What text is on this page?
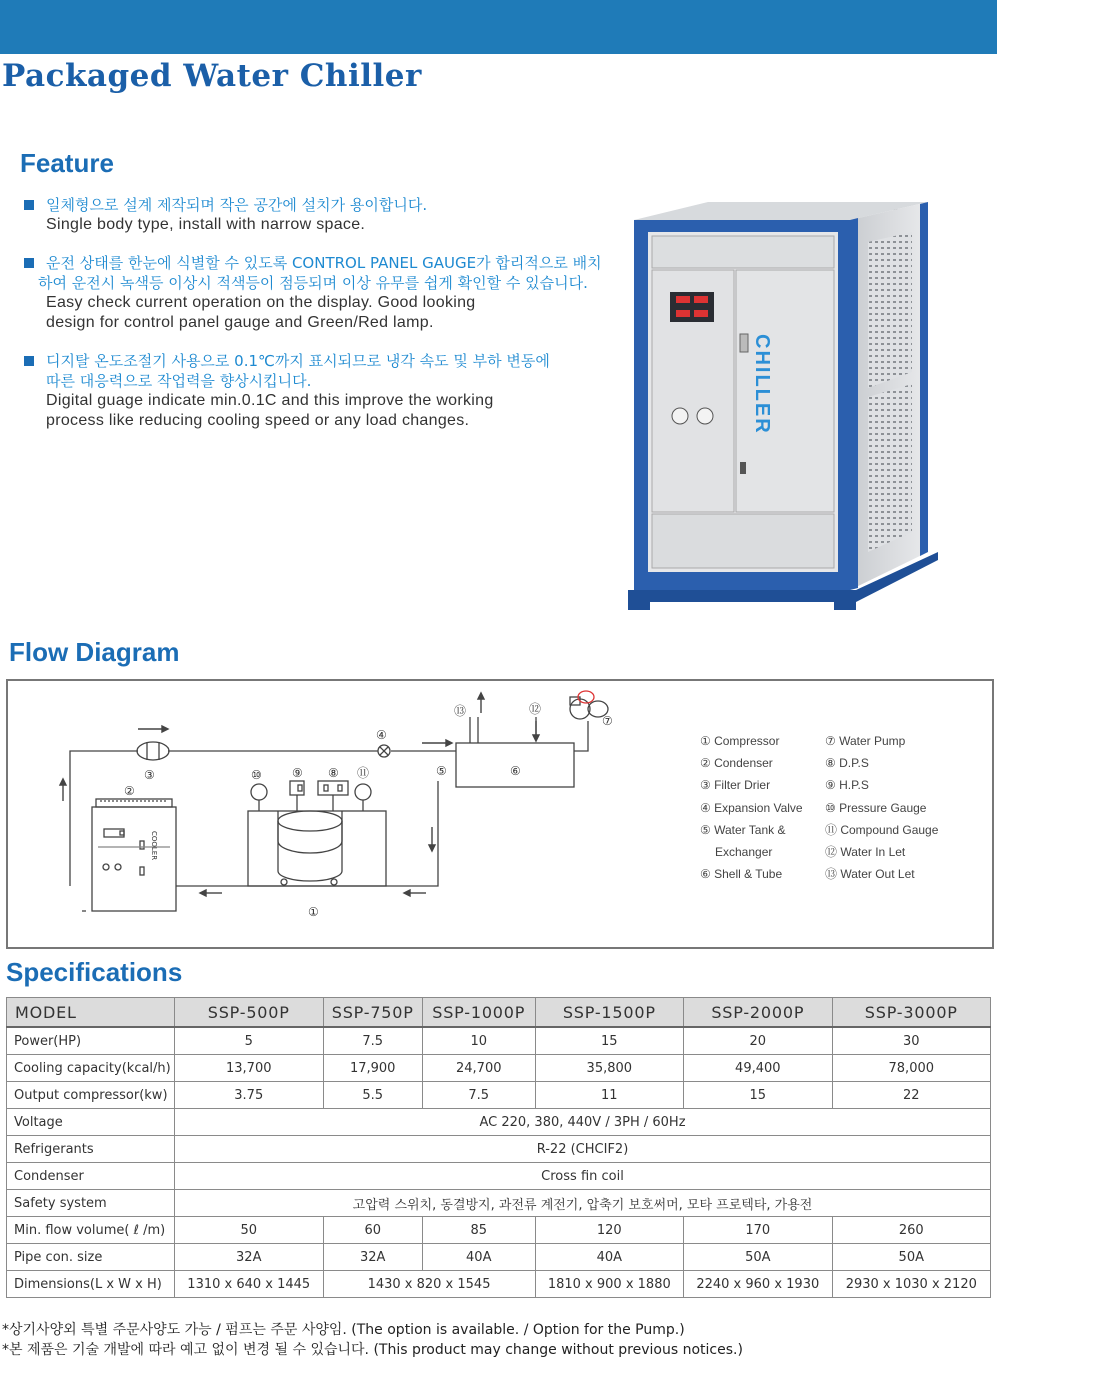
Packaged Water Chiller
Feature
일체형으로 설계 제작되며 작은 공간에 설치가 용이합니다.
Single body type, install with narrow space.
운전 상태를 한눈에 식별할 수 있도록 CONTROL PANEL GAUGE가 합리적으로 배치
하여 운전시 녹색등 이상시 적색등이 점등되며 이상 유무를 쉽게 확인할 수 있습니다.
Easy check current operation on the display. Good looking
design for control panel gauge and Green/Red lamp.
디지탈 온도조절기 사용으로 0.1℃까지 표시되므로 냉각 속도 및 부하 변동에
따른 대응력으로 작업력을 향상시킵니다.
Digital guage indicate min.0.1C and this improve the working
process like reducing cooling speed or any load changes.	CHILLER
Flow Diagram
①
②
③
④
⑤	⑥
⑦
⑧
⑨
⑩	⑪
⑫
⑬
COOLER
① Compressor
② Condenser
③ Filter Drier
④ Expansion Valve
⑤ Water Tank &
Exchanger
⑥ Shell & Tube
⑦ Water Pump
⑧ D.P.S
⑨ H.P.S
⑩ Pressure Gauge
⑪ Compound Gauge
⑫ Water In Let
⑬ Water Out Let
Specifications
MODEL	SSP-500P	SSP-750P	SSP-1000P	SSP-1500P	SSP-2000P	SSP-3000P
Power(HP)	5	7.5	10	15	20	30
Cooling capacity(kcal/h)	13,700	17,900	24,700	35,800	49,400	78,000
Output compressor(kw)	3.75	5.5	7.5	11	15	22
Voltage	AC 220, 380, 440V / 3PH / 60Hz					
Refrigerants	R-22 (CHCIF2)					
Condenser	Cross fin coil					
Safety system	고압력 스위치, 동결방지, 과전류 계전기, 압축기 보호써머, 모타 프로텍타, 가용전					
Min. flow volume( ℓ /m)	50	60	85	120	170	260
Pipe con. size	32A	32A	40A	40A	50A	50A
Dimensions(L x W x H)	1310 x 640 x 1445	1430 x 820 x 1545		1810 x 900 x 1880	2240 x 960 x 1930	2930 x 1030 x 2120
*상기사양외 특별 주문사양도 가능 / 펌프는 주문 사양임. (The option is available. / Option for the Pump.)
*본 제품은 기술 개발에 따라 예고 없이 변경 될 수 있습니다. (This product may change without previous notices.)
